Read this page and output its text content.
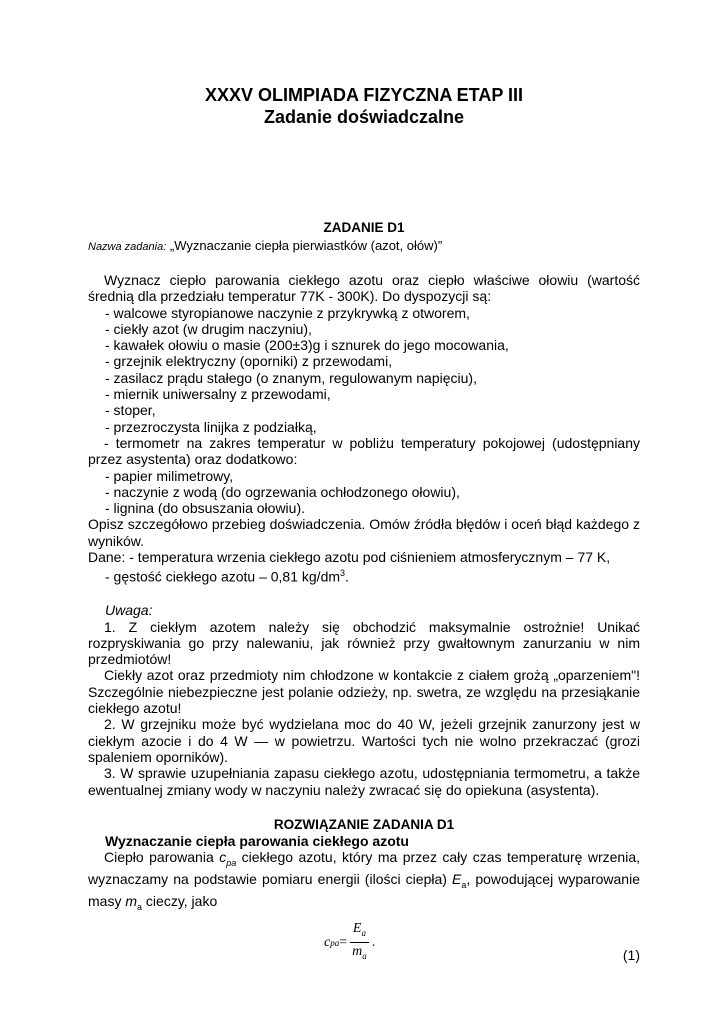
XXXV OLIMPIADA FIZYCZNA ETAP III
Zadanie doświadczalne
ZADANIE D1
Nazwa zadania: „Wyznaczanie ciepła pierwiastków (azot, ołów)”

Wyznacz ciepło parowania ciekłego azotu oraz ciepło właściwe ołowiu (wartość średnią dla przedziału temperatur 77K - 300K). Do dyspozycji są:

- walcowe styropianowe naczynie z przykrywką z otworem,
- ciekły azot (w drugim naczyniu),
- kawałek ołowiu o masie (200±3)g i sznurek do jego mocowania,
- grzejnik elektryczny (oporniki) z przewodami,
- zasilacz prądu stałego (o znanym, regulowanym napięciu),
- miernik uniwersalny z przewodami,
- stoper,
- przezroczysta linijka z podziałką,

- termometr na zakres temperatur w pobliżu temperatury pokojowej (udostępniany przez asystenta) oraz dodatkowo:

- papier milimetrowy,
- naczynie z wodą (do ogrzewania ochłodzonego ołowiu),
- lignina (do obsuszania ołowiu).

Opisz szczegółowo przebieg doświadczenia. Omów źródła błędów i oceń błąd każdego z wyników.

Dane: - temperatura wrzenia ciekłego azotu pod ciśnieniem atmosferycznym – 77 K,

- gęstość ciekłego azotu – 0,81 $kg/dm^3$.
Uwaga:

1. Z ciekłym azotem należy się obchodzić maksymalnie ostrożnie! Unikać rozpryskiwania go przy nalewaniu, jak również przy gwałtownym zanurzaniu w nim przedmiotów!

Ciekły azot oraz przedmioty nim chłodzone w kontakcie z ciałem grożą „oparzeniem"! Szczególnie niebezpieczne jest polanie odzieży, np. swetra, ze względu na przesiąkanie ciekłego azotu!

2. W grzejniku może być wydzielana moc do 40 W, jeżeli grzejnik zanurzony jest w ciekłym azocie i do 4 W — w powietrzu. Wartości tych nie wolno przekraczać (grozi spaleniem oporników).

3. W sprawie uzupełniania zapasu ciekłego azotu, udostępniania termometru, a także ewentualnej zmiany wody w naczyniu należy zwracać się do opiekuna (asystenta).

ROZWIĄZANIE ZADANIA D1
Wyznaczanie ciepła parowania ciekłego azotu

Ciepło parowania $c_{pa}$ ciekłego azotu, który ma przez cały czas temperaturę wrzenia, wyznaczamy na podstawie pomiaru energii (ilości ciepła) $E_a$, powodującej wyparowanie masy $m_a$ cieczy, jako

c pa = $\frac{E_a}{m_a}$ .
(1)
